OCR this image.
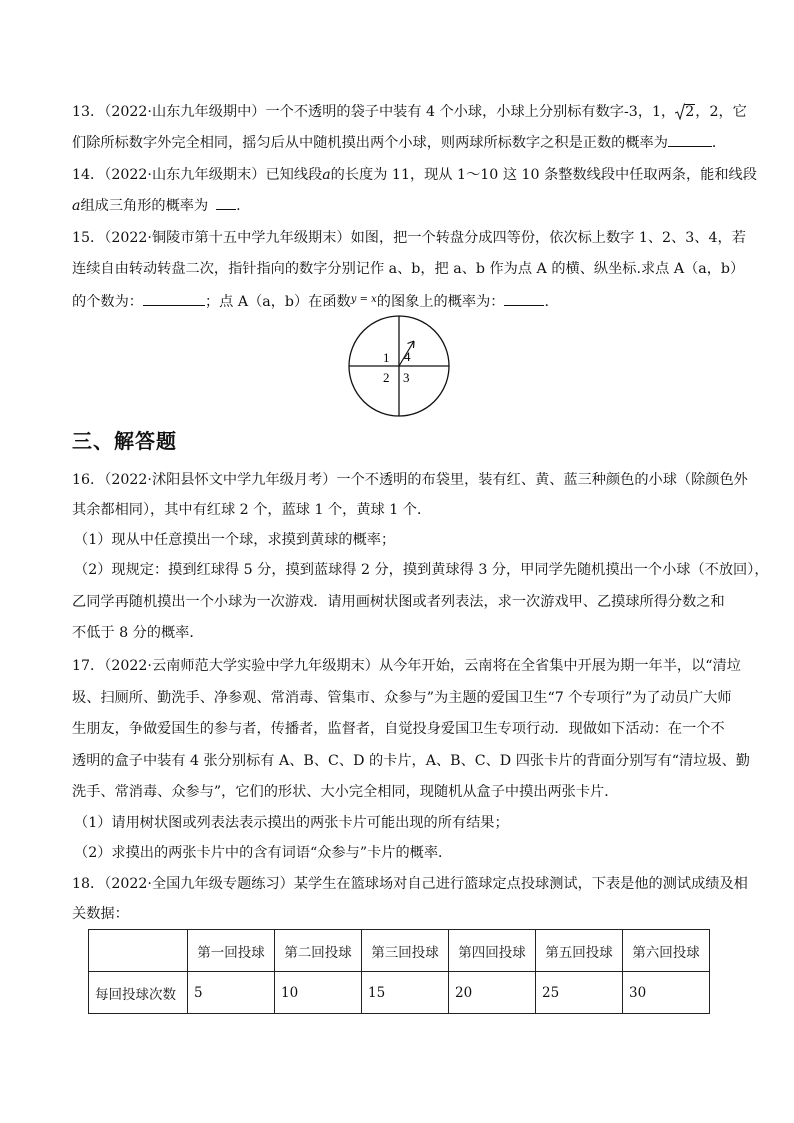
13．（2022·山东九年级期中）一个不透明的袋子中装有 4 个小球，小球上分别标有数字-3，1， 2，2，它
们除所标数字外完全相同，摇匀后从中随机摸出两个小球，则两球所标数字之积是正数的概率为	．
14．（2022·山东九年级期末）已知线段a的长度为 11，现从 1～10 这 10 条整数线段中任取两条，能和线段
a组成三角形的概率为 .
15．（2022·铜陵市第十五中学九年级期末）如图，把一个转盘分成四等份，依次标上数字 1、2、3、4，若
连续自由转动转盘二次，指针指向的数字分别记作 a、b，把 a、b 作为点 A 的横、纵坐标.求点 A（a，b）
的个数为：	；点 A（a，b）在函数$^{y = x}$的图象上的概率为：	.
1 4
2 3
三、解答题
16．（2022·沭阳县怀文中学九年级月考）一个不透明的布袋里，装有红、黄、蓝三种颜色的小球（除颜色外
其余都相同），其中有红球 2 个，蓝球 1 个，黄球 1 个．
（1）现从中任意摸出一个球，求摸到黄球的概率；
（2）现规定：摸到红球得 5 分，摸到蓝球得 2 分，摸到黄球得 3 分，甲同学先随机摸出一个小球（不放回），
乙同学再随机摸出一个小球为一次游戏．请用画树状图或者列表法，求一次游戏甲、乙摸球所得分数之和
不低于 8 分的概率．
17．（2022·云南师范大学实验中学九年级期末）从今年开始，云南将在全省集中开展为期一年半，以“清垃
圾、扫厕所、勤洗手、净参观、常消毒、管集市、众参与”为主题的爱国卫生“7 个专项行”为了动员广大师
生朋友，争做爱国生的参与者，传播者，监督者，自觉投身爱国卫生专项行动．现做如下活动：在一个不
透明的盒子中装有 4 张分别标有 A、B、C、D 的卡片，A、B、C、D 四张卡片的背面分别写有“清垃圾、勤
洗手、常消毒、众参与”，它们的形状、大小完全相同，现随机从盒子中摸出两张卡片．
（1）请用树状图或列表法表示摸出的两张卡片可能出现的所有结果；
（2）求摸出的两张卡片中的含有词语“众参与”卡片的概率．
18．（2022·全国九年级专题练习）某学生在篮球场对自己进行篮球定点投球测试，下表是他的测试成绩及相
关数据：
	第一回投球	第二回投球	第三回投球	第四回投球	第五回投球	第六回投球
每回投球次数	5	10	15	20	25	30
